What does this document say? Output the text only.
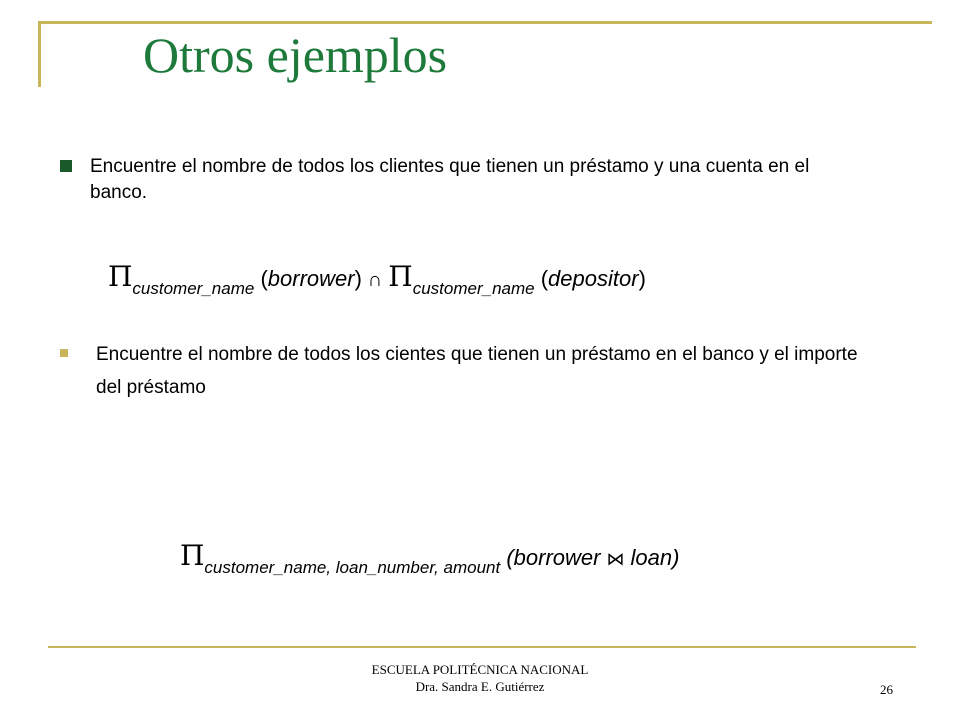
Otros ejemplos
Encuentre el nombre de todos los clientes que tienen un préstamo y una cuenta en el banco.
$\Pi_{customer\_name}$ (borrower) ∩ $\Pi_{customer\_name}$ (depositor)
Encuentre el nombre de todos los cientes que tienen un préstamo en el banco y el importe del préstamo
$\Pi_{customer\_name, loan\_number, amount}$ (borrower ⋈ loan)
ESCUELA POLITÉCNICA NACIONAL
Dra. Sandra E. Gutiérrez	26
